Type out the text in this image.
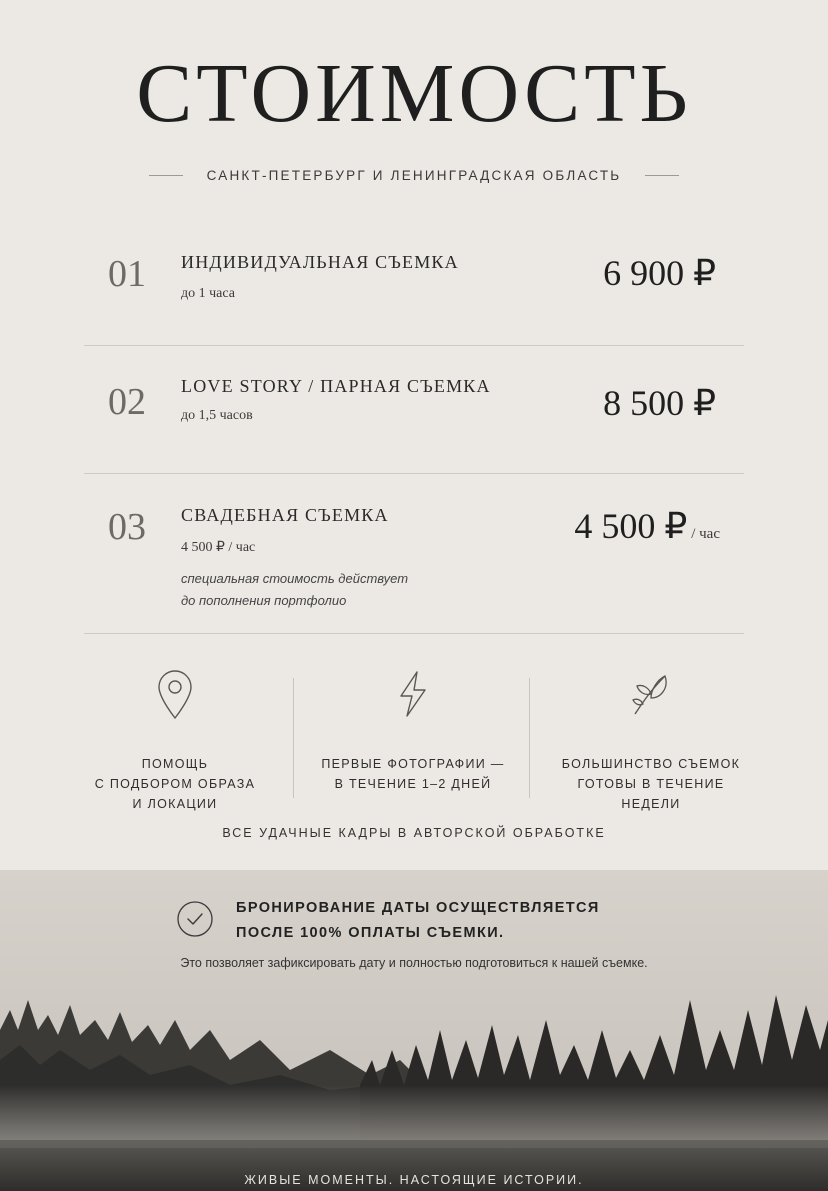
СТОИМОСТЬ
САНКТ-ПЕТЕРБУРГ И ЛЕНИНГРАДСКАЯ ОБЛАСТЬ
01 ИНДИВИДУАЛЬНАЯ СЪЕМКА
до 1 часа
6 900 ₽
02 LOVE STORY / ПАРНАЯ СЪЕМКА
до 1,5 часов	8 500 ₽
03 СВАДЕБНАЯ СЪЕМКА
4 500 ₽ / час
специальная стоимость действует
до пополнения портфолио
4 500 ₽ / час
ПОМОЩЬ
С ПОДБОРОМ ОБРАЗА
И ЛОКАЦИИ
ПЕРВЫЕ ФОТОГРАФИИ —
В ТЕЧЕНИЕ 1–2 ДНЕЙ
БОЛЬШИНСТВО СЪЕМОК
ГОТОВЫ В ТЕЧЕНИЕ
НЕДЕЛИ
ВСЕ УДАЧНЫЕ КАДРЫ В АВТОРСКОЙ ОБРАБОТКЕ
БРОНИРОВАНИЕ ДАТЫ ОСУЩЕСТВЛЯЕТСЯ
ПОСЛЕ 100% ОПЛАТЫ СЪЕМКИ.
Это позволяет зафиксировать дату и полностью подготовиться к нашей съемке.
ЖИВЫЕ МОМЕНТЫ. НАСТОЯЩИЕ ИСТОРИИ.
